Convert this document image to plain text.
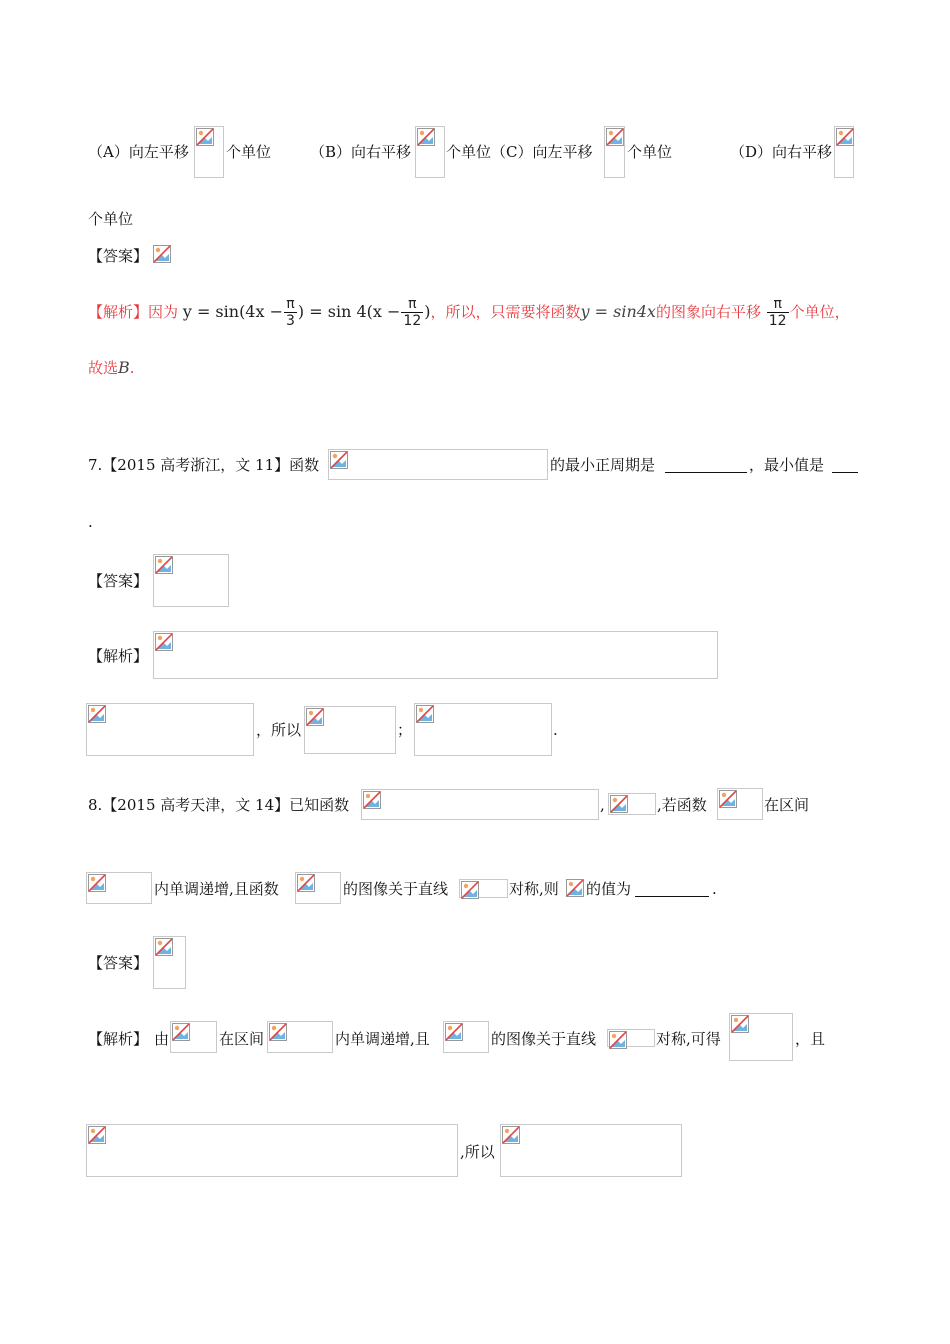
（A）向左平移 个单位	（B）向右平移 个单位（C）向左平移 个单位	（D）向右平移
个单位
【答案】
【解析】因为 $y = \sin(4x - \frac{\pi}{3}$ ) = $\sin 4(x - \frac{\pi}{12}$ )，所以，只需要将函数y = sin4x的图象向右平移 $\frac{\pi}{12}$ 个单位，
故选B.
7.【2015 高考浙江，文 11】函数	的最小正周期是	，最小值是
.
【答案】
【解析】
，所以	；	.
8.【2015 高考天津，文 14】已知函数	,	,若函数	在区间
内单调递增,且函数	的图像关于直线	对称,则 的值为	.
【答案】
【解析】 由	在区间	内单调递增,且	的图像关于直线	对称,可得	，且
,所以
